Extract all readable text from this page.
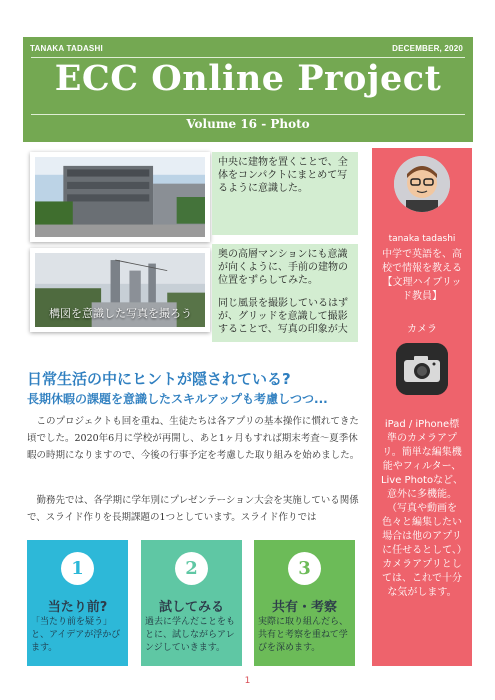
TANAKA TADASHI	DECEMBER, 2020
ECC Online Project
Volume 16 - Photo
構図を意識した写真を撮ろう

中央に建物を置くことで、全体をコンパクトにまとめて写るように意識した。

奥の高層マンションにも意識が向くように、手前の建物の位置をずらしてみた。

同じ風景を撮影しているはずが、グリッドを意識して撮影することで、写真の印象が大

tanaka tadashi
中学で英語を、高校で情報を教える【文理ハイブリッド教員】
カメラ
iPad / iPhone標準のカメラアプリ。簡単な編集機能やフィルター、Live Photoなど、意外に多機能。（写真や動画を色々と編集したい場合は他のアプリに任せるとして、）カメラアプリとしては、これで十分な気がします。
日常生活の中にヒントが隠されている?
長期休暇の課題を意識したスキルアップも考慮しつつ...

このプロジェクトも回を重ね、生徒たちは各アプリの基本操作に慣れてきた頃でした。2020年6月に学校が再開し、あと1ヶ月もすれば期末考査〜夏季休暇の時期になりますので、今後の行事予定を考慮した取り組みを始めました。

勤務先では、各学期に学年別にプレゼンテーション大会を実施している関係で、スライド作りを長期課題の1つとしています。スライド作りでは

1
当たり前?
「当たり前を疑う」と、アイデアが浮かびます。
2
試してみる
過去に学んだことをもとに、試しながらアレンジしていきます。
3
共有・考察
実際に取り組んだら、共有と考察を重ねて学びを深めます。
1
